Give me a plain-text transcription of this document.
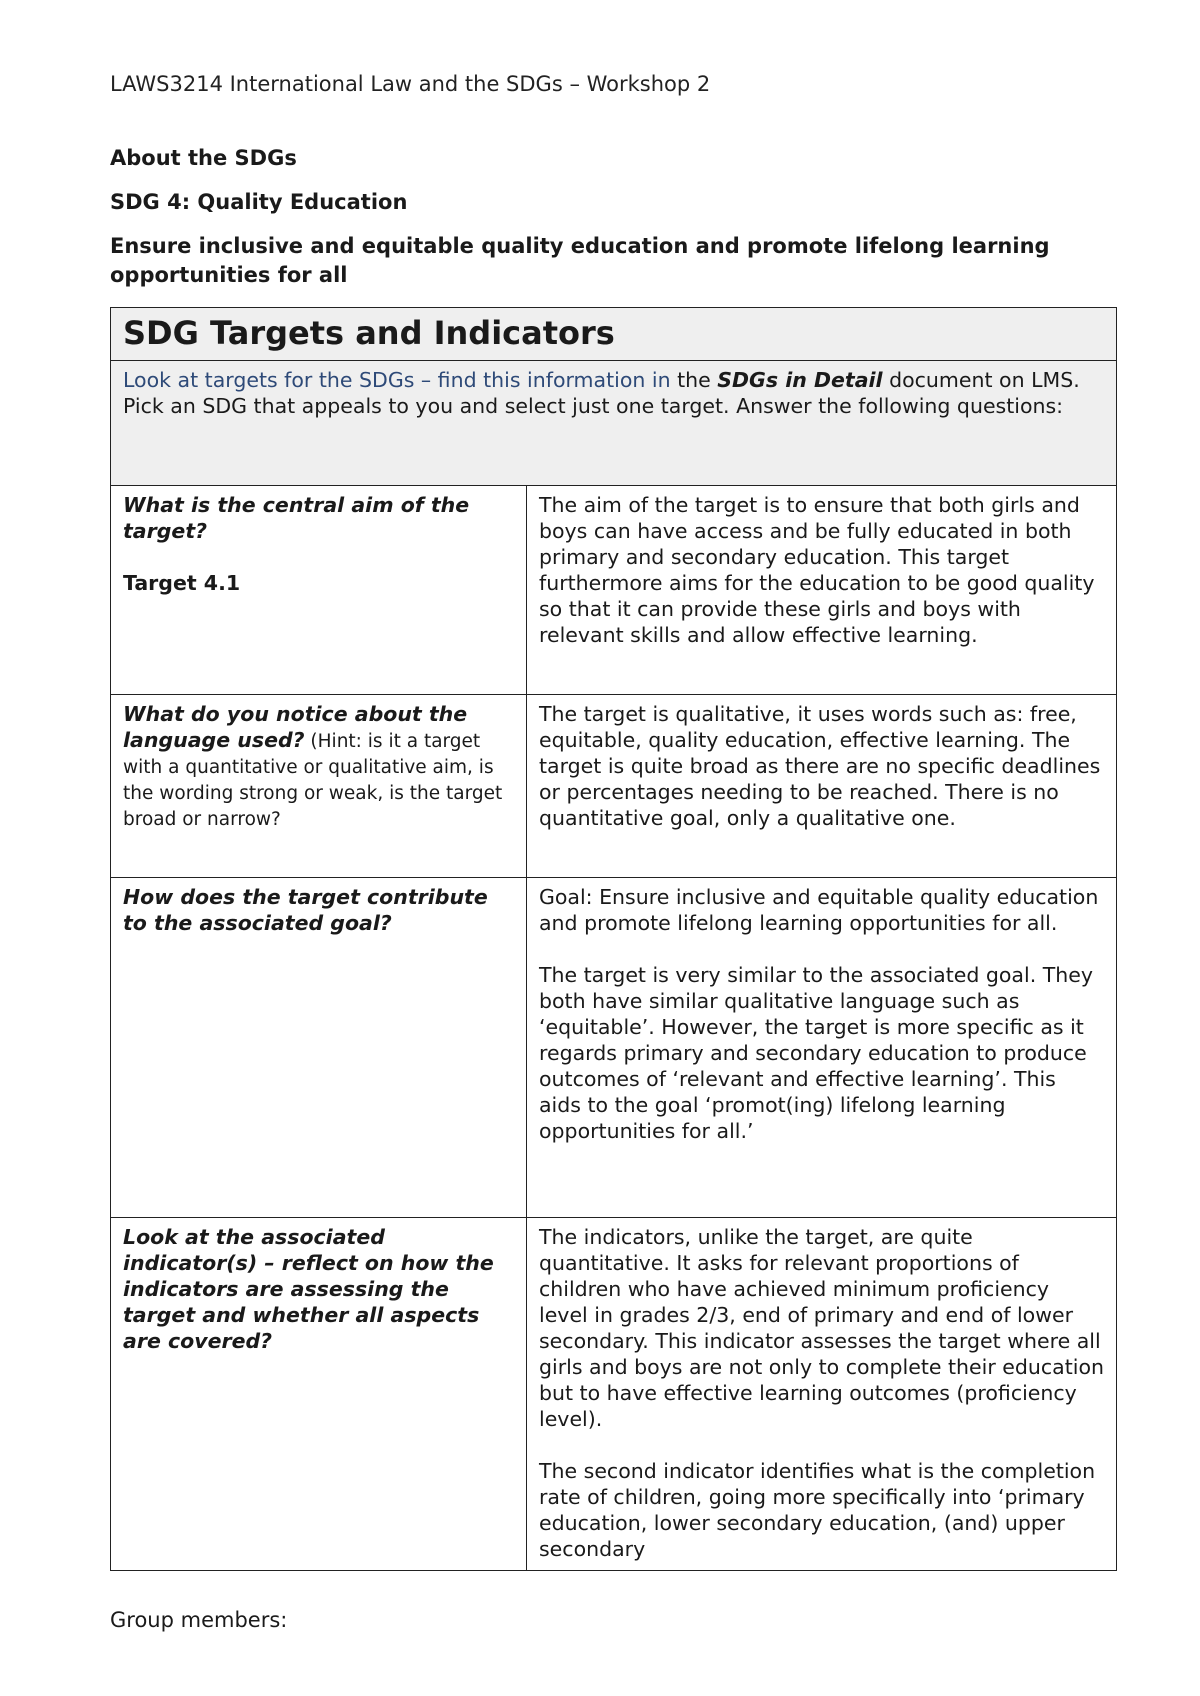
LAWS3214 International Law and the SDGs – Workshop 2
About the SDGs
SDG 4: Quality Education
Ensure inclusive and equitable quality education and promote lifelong learning opportunities for all
SDG Targets and Indicators	
Look at targets for the SDGs – find this information in the SDGs in Detail document on LMS. Pick an SDG that appeals to you and select just one target. Answer the following questions:	
What is the central aim of the target?
Target 4.1	The aim of the target is to ensure that both girls and boys can have access and be fully educated in both primary and secondary education. This target furthermore aims for the education to be good quality so that it can provide these girls and boys with relevant skills and allow effective learning.

What do you notice about the language used? (Hint: is it a target with a quantitative or qualitative aim, is the wording strong or weak, is the target broad or narrow?	The target is qualitative, it uses words such as: free, equitable, quality education, effective learning. The target is quite broad as there are no specific deadlines or percentages needing to be reached. There is no quantitative goal, only a qualitative one.

How does the target contribute to the associated goal?	Goal: Ensure inclusive and equitable quality education and promote lifelong learning opportunities for all.

The target is very similar to the associated goal. They both have similar qualitative language such as ‘equitable’. However, the target is more specific as it regards primary and secondary education to produce outcomes of ‘relevant and effective learning’. This aids to the goal ‘promot(ing) lifelong learning opportunities for all.’

Look at the associated indicator(s) – reflect on how the indicators are assessing the target and whether all aspects are covered?	The indicators, unlike the target, are quite quantitative. It asks for relevant proportions of children who have achieved minimum proficiency level in grades 2/3, end of primary and end of lower secondary. This indicator assesses the target where all girls and boys are not only to complete their education but to have effective learning outcomes (proficiency level).

The second indicator identifies what is the completion rate of children, going more specifically into ‘primary education, lower secondary education, (and) upper secondary

Group members:
